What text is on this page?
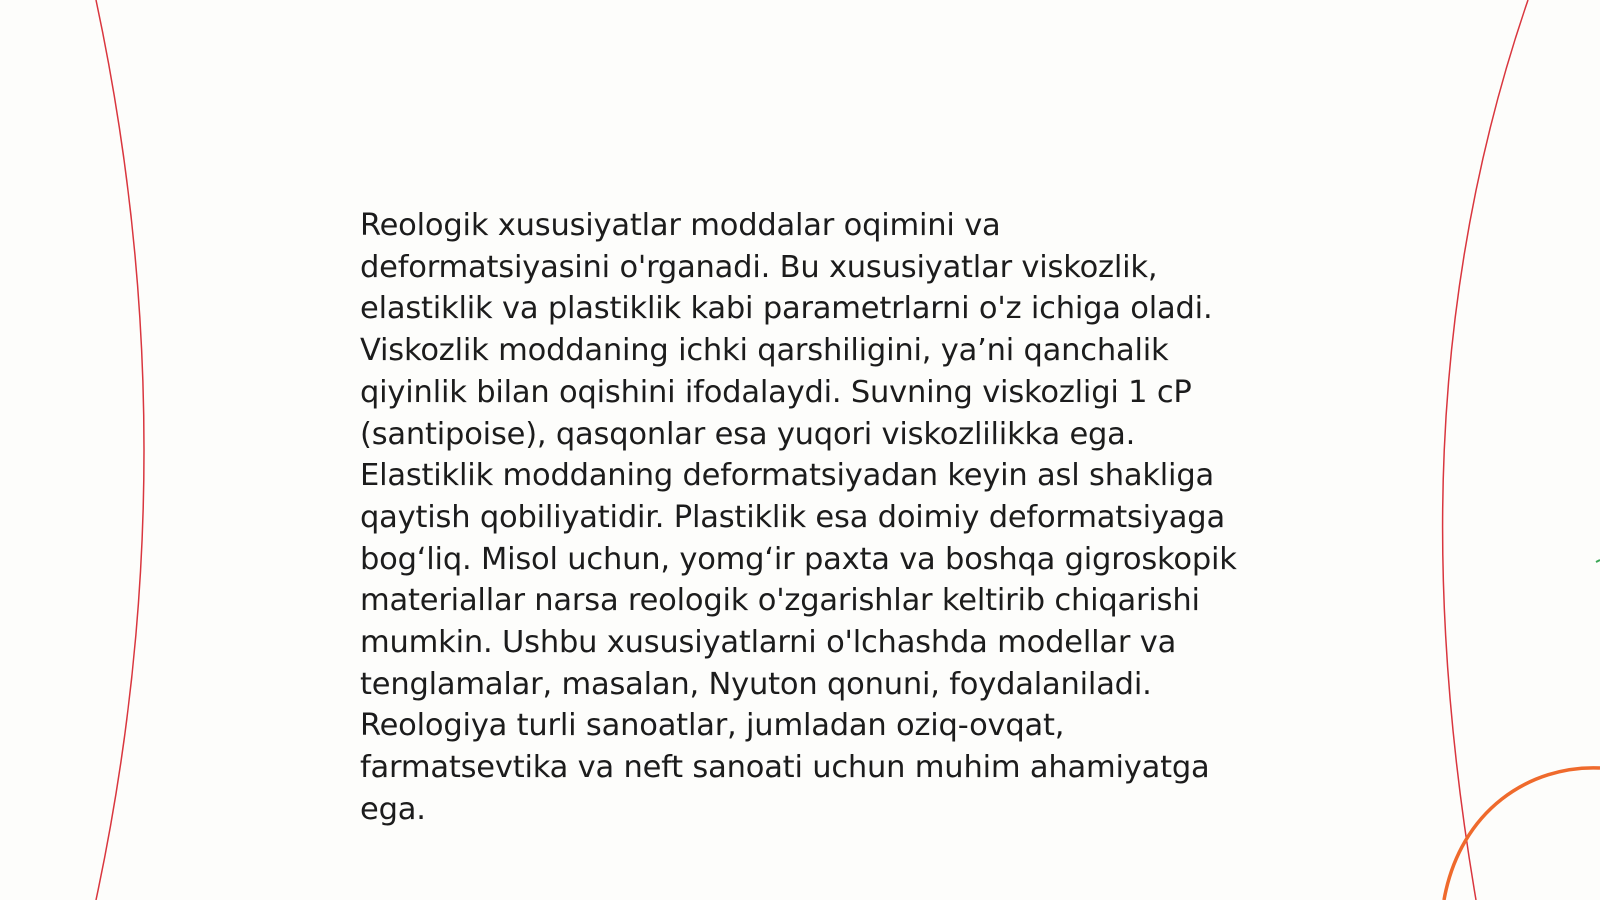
Reologik xususiyatlar moddalar oqimini va deformatsiyasini o'rganadi. Bu xususiyatlar viskozlik, elastiklik va plastiklik kabi parametrlarni o'z ichiga oladi. Viskozlik moddaning ichki qarshiligini, ya’ni qanchalik qiyinlik bilan oqishini ifodalaydi. Suvning viskozligi 1 cP (santipoise), qasqonlar esa yuqori viskozlilikka ega. Elastiklik moddaning deformatsiyadan keyin asl shakliga qaytish qobiliyatidir. Plastiklik esa doimiy deformatsiyaga bog‘liq. Misol uchun, yomg‘ir paxta va boshqa gigroskopik materiallar narsa reologik o'zgarishlar keltirib chiqarishi mumkin. Ushbu xususiyatlarni o'lchashda modellar va tenglamalar, masalan, Nyuton qonuni, foydalaniladi. Reologiya turli sanoatlar, jumladan oziq-ovqat, farmatsevtika va neft sanoati uchun muhim ahamiyatga ega.
